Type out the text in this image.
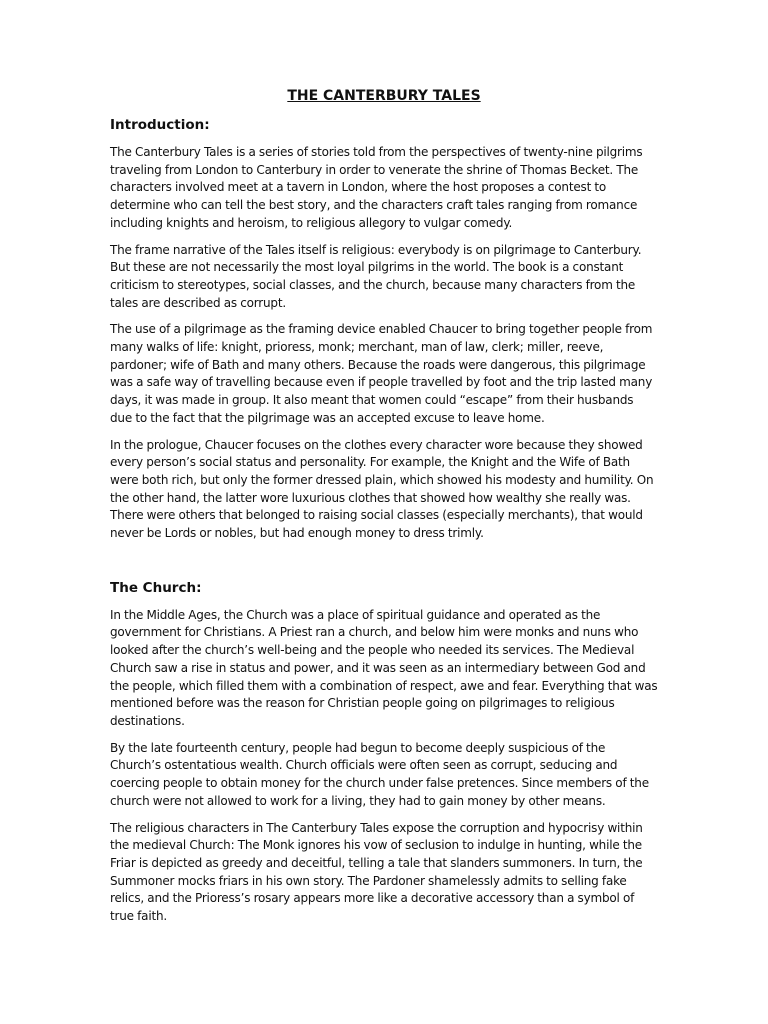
THE CANTERBURY TALES
Introduction:

The Canterbury Tales is a series of stories told from the perspectives of twenty-nine pilgrims traveling from London to Canterbury in order to venerate the shrine of Thomas Becket. The characters involved meet at a tavern in London, where the host proposes a contest to determine who can tell the best story, and the characters craft tales ranging from romance including knights and heroism, to religious allegory to vulgar comedy.

The frame narrative of the Tales itself is religious: everybody is on pilgrimage to Canterbury. But these are not necessarily the most loyal pilgrims in the world. The book is a constant criticism to stereotypes, social classes, and the church, because many characters from the tales are described as corrupt.

The use of a pilgrimage as the framing device enabled Chaucer to bring together people from many walks of life: knight, prioress, monk; merchant, man of law, clerk; miller, reeve, pardoner; wife of Bath and many others. Because the roads were dangerous, this pilgrimage was a safe way of travelling because even if people travelled by foot and the trip lasted many days, it was made in group. It also meant that women could “escape” from their husbands due to the fact that the pilgrimage was an accepted excuse to leave home.

In the prologue, Chaucer focuses on the clothes every character wore because they showed every person’s social status and personality. For example, the Knight and the Wife of Bath were both rich, but only the former dressed plain, which showed his modesty and humility. On the other hand, the latter wore luxurious clothes that showed how wealthy she really was. There were others that belonged to raising social classes (especially merchants), that would never be Lords or nobles, but had enough money to dress trimly.

The Church:

In the Middle Ages, the Church was a place of spiritual guidance and operated as the government for Christians. A Priest ran a church, and below him were monks and nuns who looked after the church’s well-being and the people who needed its services. The Medieval Church saw a rise in status and power, and it was seen as an intermediary between God and the people, which filled them with a combination of respect, awe and fear. Everything that was mentioned before was the reason for Christian people going on pilgrimages to religious destinations.

By the late fourteenth century, people had begun to become deeply suspicious of the Church’s ostentatious wealth. Church officials were often seen as corrupt, seducing and coercing people to obtain money for the church under false pretences. Since members of the church were not allowed to work for a living, they had to gain money by other means.

The religious characters in The Canterbury Tales expose the corruption and hypocrisy within the medieval Church: The Monk ignores his vow of seclusion to indulge in hunting, while the Friar is depicted as greedy and deceitful, telling a tale that slanders summoners. In turn, the Summoner mocks friars in his own story. The Pardoner shamelessly admits to selling fake relics, and the Prioress’s rosary appears more like a decorative accessory than a symbol of true faith.
